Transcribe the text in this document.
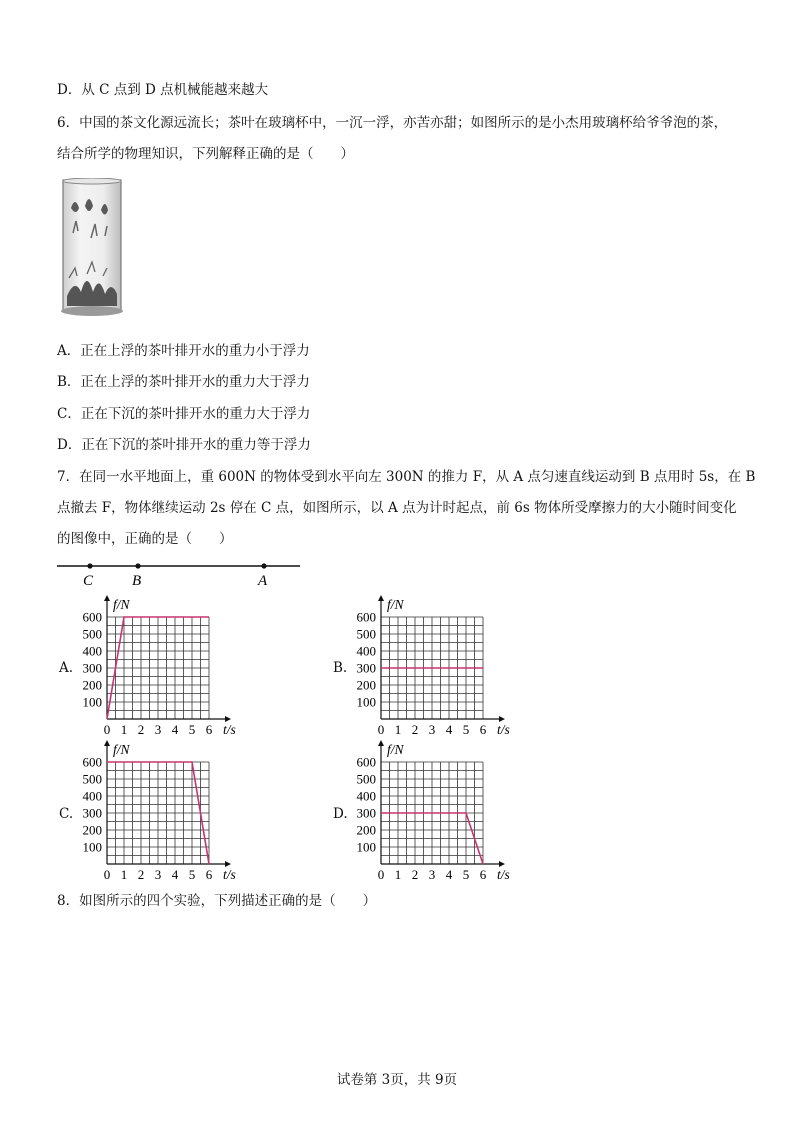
D．从 C 点到 D 点机械能越来越大
6．中国的茶文化源远流长；茶叶在玻璃杯中，一沉一浮，亦苦亦甜；如图所示的是小杰用玻璃杯给爷爷泡的茶，
结合所学的物理知识，下列解释正确的是（　　）
A．正在上浮的茶叶排开水的重力小于浮力
B．正在上浮的茶叶排开水的重力大于浮力
C．正在下沉的茶叶排开水的重力大于浮力
D．正在下沉的茶叶排开水的重力等于浮力
7．在同一水平地面上，重 600N 的物体受到水平向左 300N 的推力 F，从 A 点匀速直线运动到 B 点用时 5s，在 B
点撤去 F，物体继续运动 2s 停在 C 点，如图所示，以 A 点为计时起点，前 6s 物体所受摩擦力的大小随时间变化
的图像中，正确的是（　　）
C	B	A
A.
0 1 2 3 4 5 6
100
200
300
400
500
600
f/N
t/s
B.
0 1 2 3 4 5 6
100
200
300
400
500
600
f/N
t/s
C.
0 1 2 3 4 5 6
100
200
300
400
500
600
f/N
t/s
D.
0 1 2 3 4 5 6
100
200
300
400
500
600
f/N
t/s
8．如图所示的四个实验，下列描述正确的是（　　）
试卷第 3页，共 9页
